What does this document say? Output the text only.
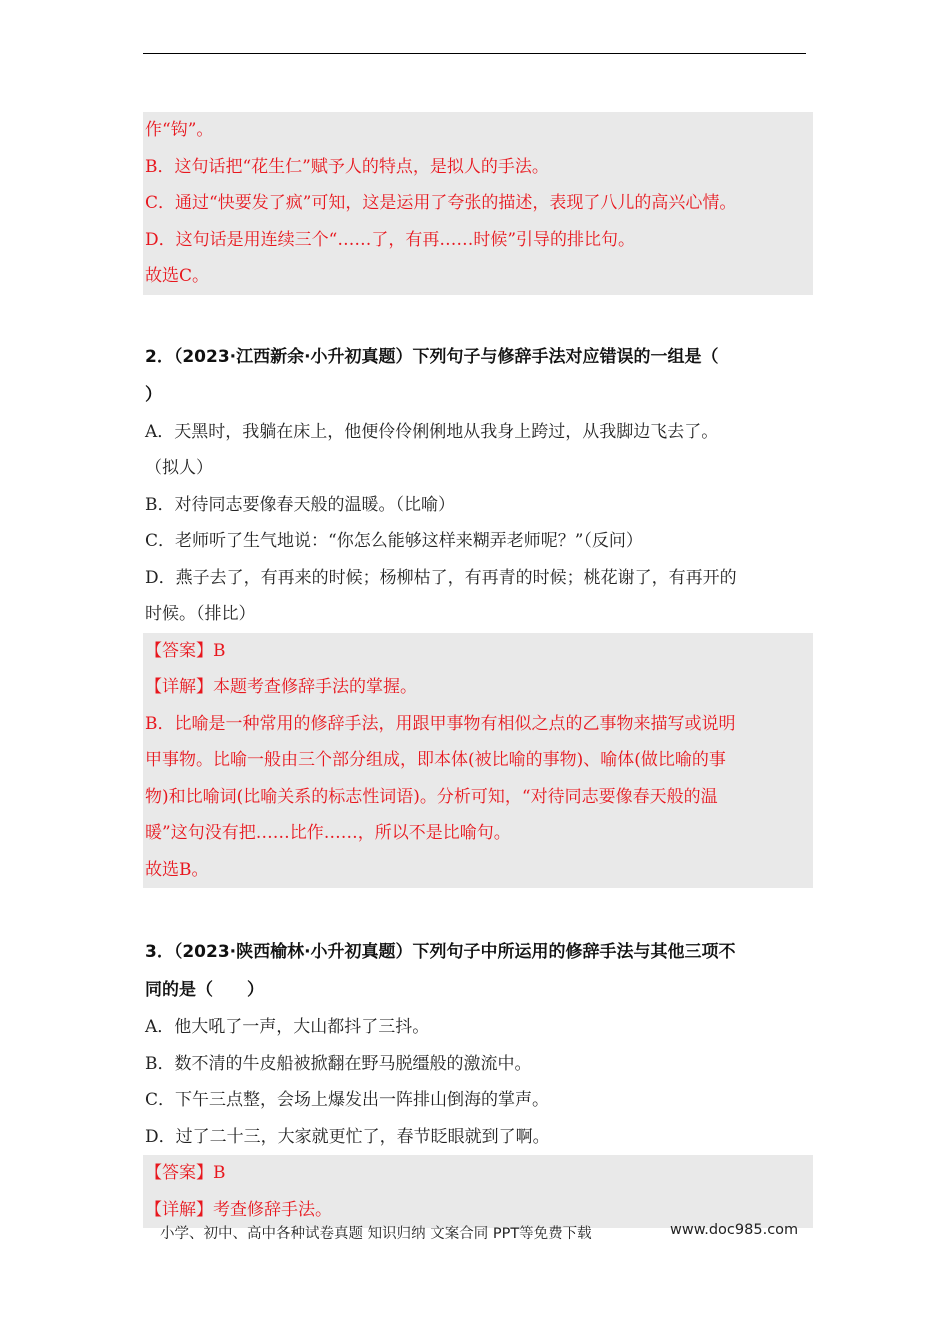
作“钩”。
B．这句话把“花生仁”赋予人的特点，是拟人的手法。
C．通过“快要发了疯”可知，这是运用了夸张的描述，表现了八儿的高兴心情。
D．这句话是用连续三个“……了，有再……时候”引导的排比句。
故选C。
2．（2023·江西新余·小升初真题）下列句子与修辞手法对应错误的一组是（
）
A．天黑时，我躺在床上，他便伶伶俐俐地从我身上跨过，从我脚边飞去了。
（拟人）
B．对待同志要像春天般的温暖。（比喻）
C．老师听了生气地说：“你怎么能够这样来糊弄老师呢？”（反问）
D．燕子去了，有再来的时候；杨柳枯了，有再青的时候；桃花谢了，有再开的
时候。（排比）
【答案】B
【详解】本题考查修辞手法的掌握。
B．比喻是一种常用的修辞手法，用跟甲事物有相似之点的乙事物来描写或说明
甲事物。比喻一般由三个部分组成，即本体(被比喻的事物)、喻体(做比喻的事
物)和比喻词(比喻关系的标志性词语)。分析可知，“对待同志要像春天般的温
暖”这句没有把……比作……，所以不是比喻句。
故选B。
3．（2023·陕西榆林·小升初真题）下列句子中所运用的修辞手法与其他三项不
同的是（　　）
A．他大吼了一声，大山都抖了三抖。
B．数不清的牛皮船被掀翻在野马脱缰般的激流中。
C．下午三点整，会场上爆发出一阵排山倒海的掌声。
D．过了二十三，大家就更忙了，春节眨眼就到了啊。
【答案】B
【详解】考查修辞手法。
小学、初中、高中各种试卷真题 知识归纳 文案合同 PPT等免费下载	www.doc985.com
